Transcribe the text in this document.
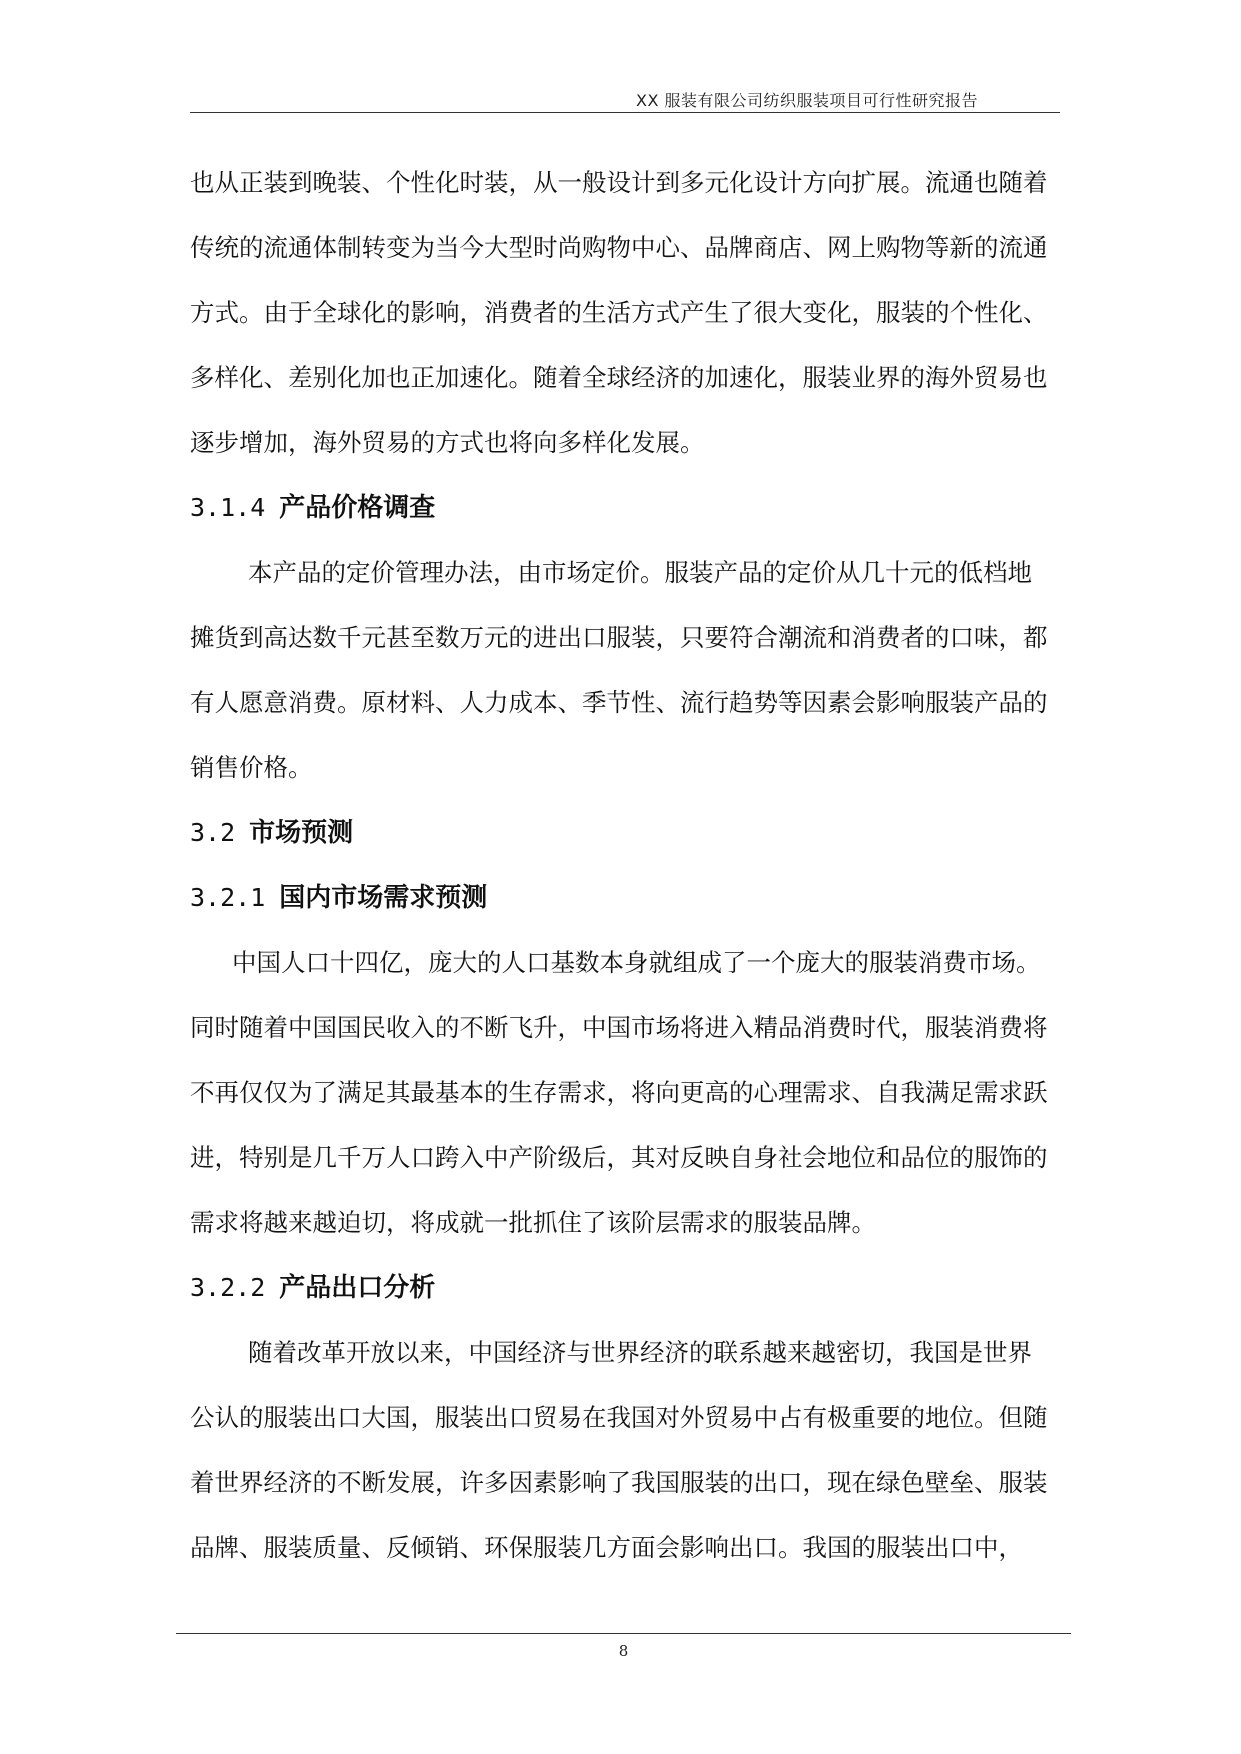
XX 服装有限公司纺织服装项目可行性研究报告

也从正装到晚装、个性化时装，从一般设计到多元化设计方向扩展。流通也随着
传统的流通体制转变为当今大型时尚购物中心、品牌商店、网上购物等新的流通
方式。由于全球化的影响，消费者的生活方式产生了很大变化，服装的个性化、
多样化、差别化加也正加速化。随着全球经济的加速化，服装业界的海外贸易也
逐步增加，海外贸易的方式也将向多样化发展。

3.1.4 产品价格调查

本产品的定价管理办法，由市场定价。服装产品的定价从几十元的低档地
摊货到高达数千元甚至数万元的进出口服装，只要符合潮流和消费者的口味，都
有人愿意消费。原材料、人力成本、季节性、流行趋势等因素会影响服装产品的
销售价格。

3.2 市场预测
3.2.1 国内市场需求预测

中国人口十四亿，庞大的人口基数本身就组成了一个庞大的服装消费市场。
同时随着中国国民收入的不断飞升，中国市场将进入精品消费时代，服装消费将
不再仅仅为了满足其最基本的生存需求，将向更高的心理需求、自我满足需求跃
进，特别是几千万人口跨入中产阶级后，其对反映自身社会地位和品位的服饰的
需求将越来越迫切，将成就一批抓住了该阶层需求的服装品牌。

3.2.2 产品出口分析

随着改革开放以来，中国经济与世界经济的联系越来越密切，我国是世界
公认的服装出口大国，服装出口贸易在我国对外贸易中占有极重要的地位。但随
着世界经济的不断发展，许多因素影响了我国服装的出口，现在绿色壁垒、服装
品牌、服装质量、反倾销、环保服装几方面会影响出口。我国的服装出口中，

8
